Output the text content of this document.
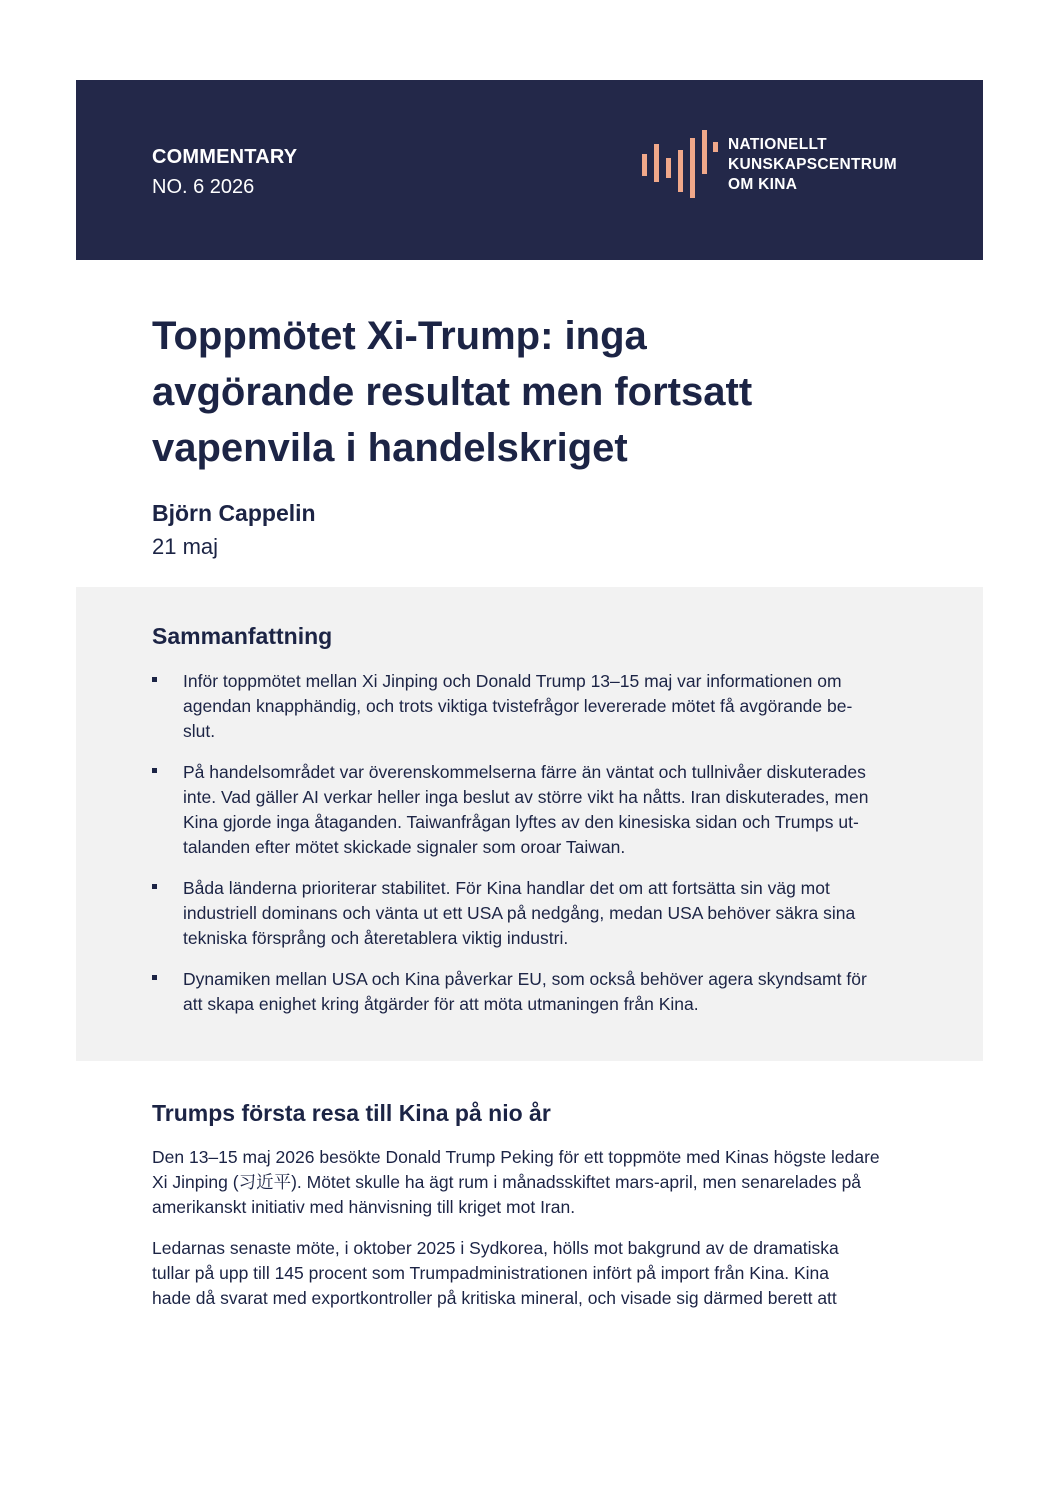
COMMENTARY
NO. 6 2026
NATIONELLT
KUNSKAPSCENTRUM
OM KINA
Toppmötet Xi-Trump: inga
avgörande resultat men fortsatt
vapenvila i handelskriget
Björn Cappelin
21 maj
Sammanfattning
Inför toppmötet mellan Xi Jinping och Donald Trump 13–15 maj var informationen om
agendan knapphändig, och trots viktiga tvistefrågor levererade mötet få avgörande be-
slut.
På handelsområdet var överenskommelserna färre än väntat och tullnivåer diskuterades
inte. Vad gäller AI verkar heller inga beslut av större vikt ha nåtts. Iran diskuterades, men
Kina gjorde inga åtaganden. Taiwanfrågan lyftes av den kinesiska sidan och Trumps ut-
talanden efter mötet skickade signaler som oroar Taiwan.
Båda länderna prioriterar stabilitet. För Kina handlar det om att fortsätta sin väg mot
industriell dominans och vänta ut ett USA på nedgång, medan USA behöver säkra sina
tekniska försprång och återetablera viktig industri.
Dynamiken mellan USA och Kina påverkar EU, som också behöver agera skyndsamt för
att skapa enighet kring åtgärder för att möta utmaningen från Kina.
Trumps första resa till Kina på nio år

Den 13–15 maj 2026 besökte Donald Trump Peking för ett toppmöte med Kinas högste ledare
Xi Jinping (习近平). Mötet skulle ha ägt rum i månadsskiftet mars-april, men senarelades på
amerikanskt initiativ med hänvisning till kriget mot Iran.

Ledarnas senaste möte, i oktober 2025 i Sydkorea, hölls mot bakgrund av de dramatiska
tullar på upp till 145 procent som Trumpadministrationen infört på import från Kina. Kina
hade då svarat med exportkontroller på kritiska mineral, och visade sig därmed berett att
